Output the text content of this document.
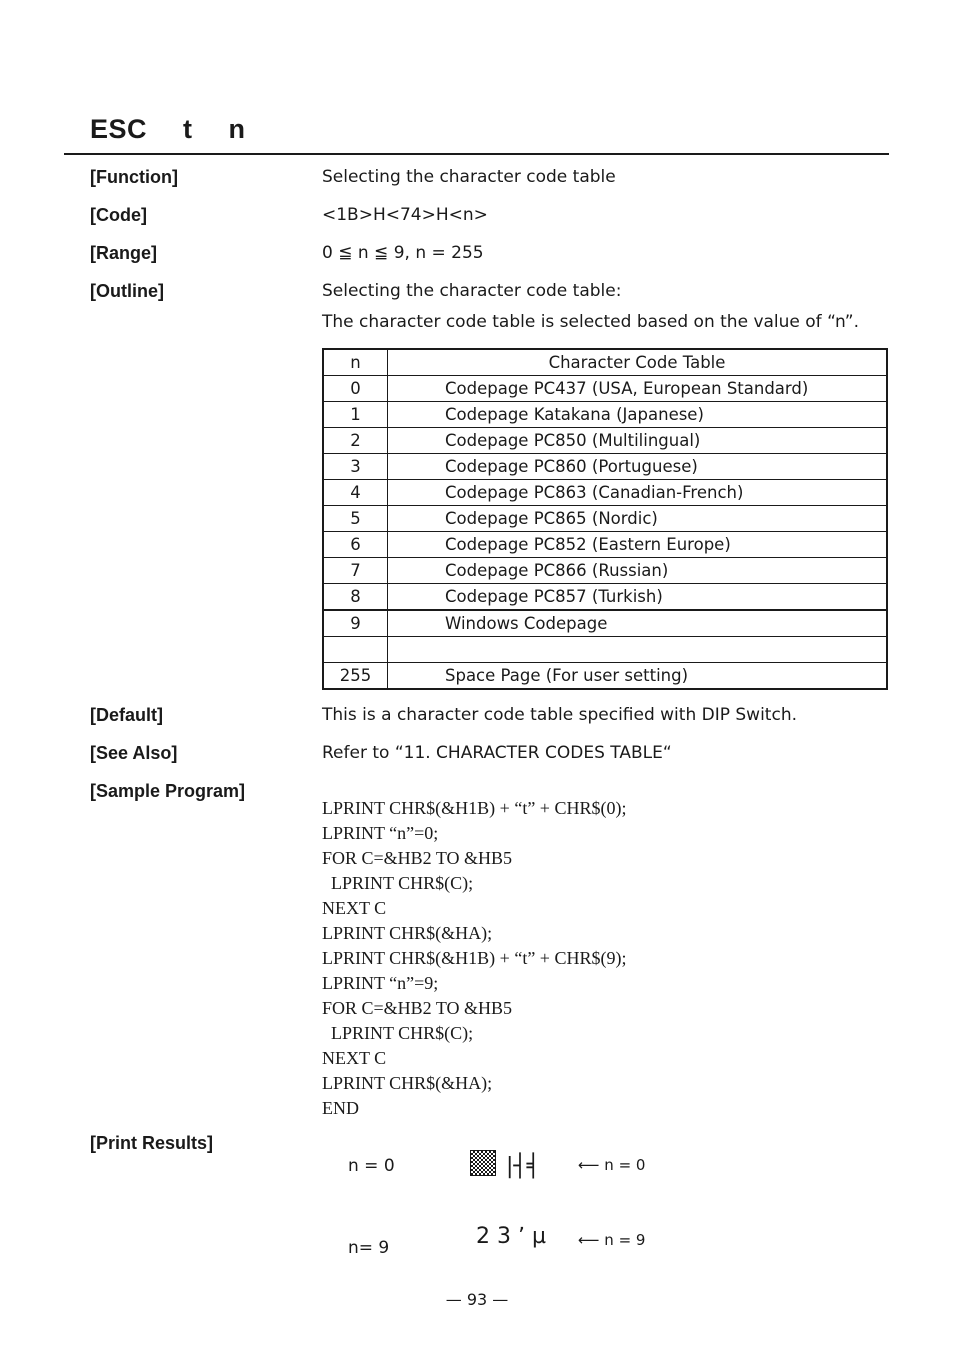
ESC  t  n
[Function]	Selecting the character code table
[Code]	<1B>H<74>H<n>
[Range]	0 ≦ n ≦ 9, n = 255
[Outline]	Selecting the character code table:
The character code table is selected based on the value of “n”.
n	Character Code Table
0	Codepage PC437 (USA, European Standard)
1	Codepage Katakana (Japanese)
2	Codepage PC850 (Multilingual)
3	Codepage PC860 (Portuguese)
4	Codepage PC863 (Canadian-French)
5	Codepage PC865 (Nordic)
6	Codepage PC852 (Eastern Europe)
7	Codepage PC866 (Russian)
8	Codepage PC857 (Turkish)
9	Windows Codepage

255	Space Page (For user setting)
[Default]	This is a character code table specified with DIP Switch.
[See Also]	Refer to “11. CHARACTER CODES TABLE“
[Sample Program]
LPRINT CHR$(&H1B) + “t” + CHR$(0);
LPRINT “n”=0;
FOR C=&HB2 TO &HB5
LPRINT CHR$(C);
NEXT C
LPRINT CHR$(&HA);
LPRINT CHR$(&H1B) + “t” + CHR$(9);
LPRINT “n”=9;
FOR C=&HB2 TO &HB5
LPRINT CHR$(C);
NEXT C
LPRINT CHR$(&HA);
END
[Print Results]
n = 0	|┤╡	⟵ n = 0
n= 9	2 3 ʼ µ ⟵ n = 9
— 93 —
